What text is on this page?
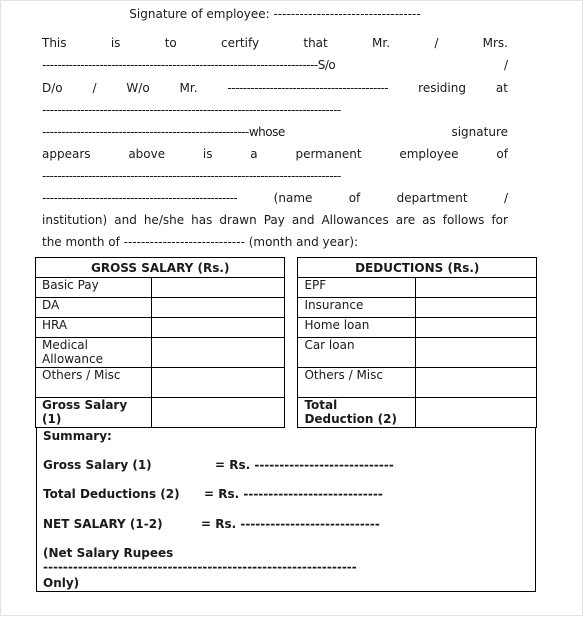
Signature of employee: ----------------------------------
This	is	to	certify	that	Mr.	/	Mrs.
------------------------------------------------------------------------S/o	/
D/o / W/o Mr. ------------------------------------------ residing at
------------------------------------------------------------------------------
------------------------------------------------------whose	signature
appears	above	is	a	permanent	employee	of
------------------------------------------------------------------------------
---------------------------------------------------	(name	of	department	/
institution) and he/she has drawn Pay and Allowances are as follows for
the month of ---------------------------- (month and year):
GROSS SALARY (Rs.)			DEDUCTIONS (Rs.)	
Basic Pay			EPF	
DA			Insurance	
HRA			Home loan	
Medical Allowance			Car loan	
Others / Misc			Others / Misc	
Gross Salary (1)			Total Deduction (2)	
Summary:
Gross Salary (1)	= Rs. ----------------------------
Total Deductions (2) = Rs. ----------------------------
NET SALARY (1-2)	= Rs. ----------------------------
(Net Salary Rupees
---------------------------------------------------------------
Only)
